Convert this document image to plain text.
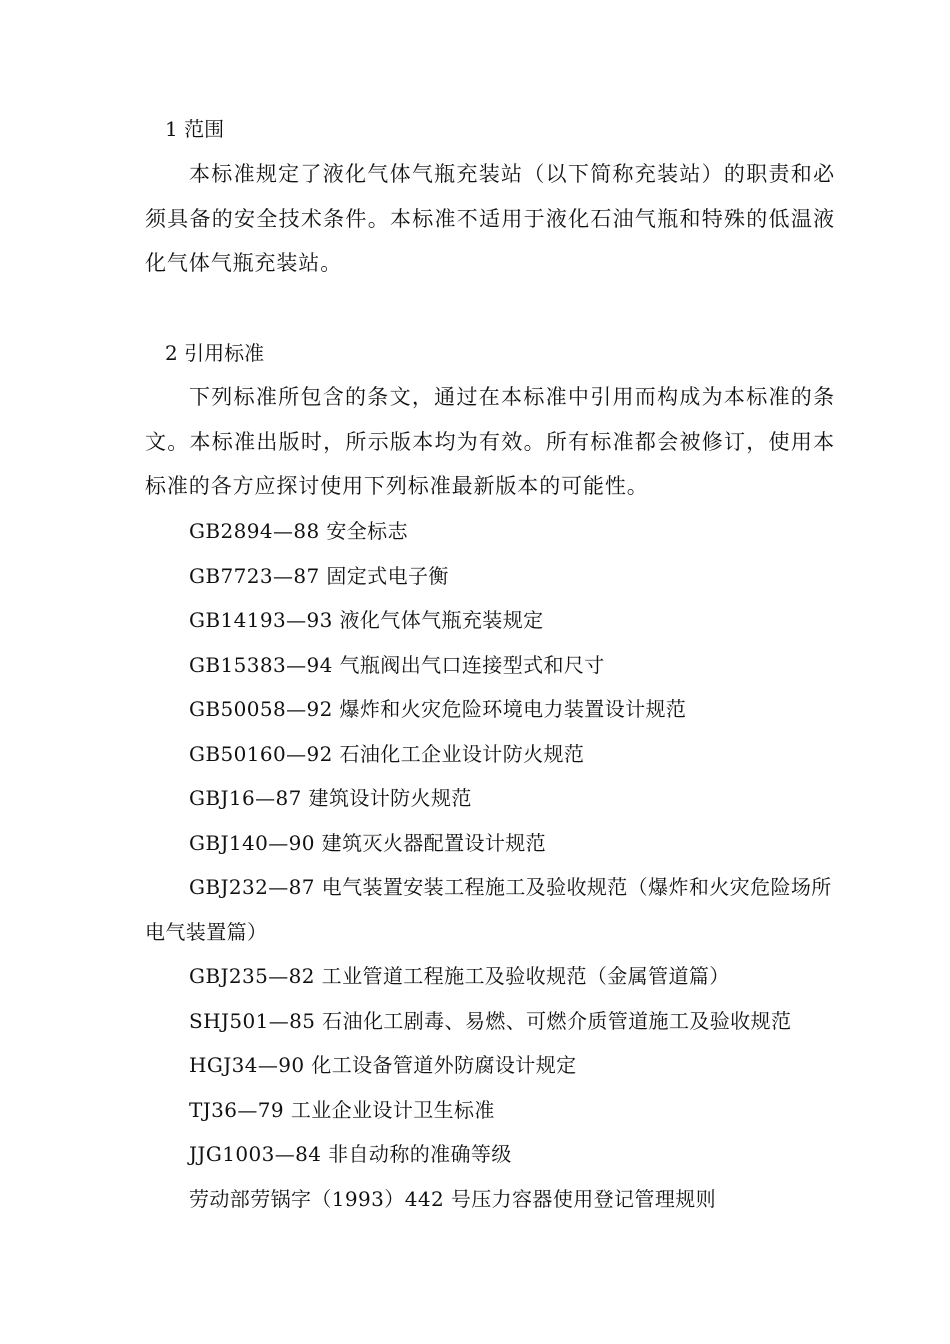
1 范围

本标准规定了液化气体气瓶充装站（以下简称充装站）的职责和必须具备的安全技术条件。本标准不适用于液化石油气瓶和特殊的低温液化气体气瓶充装站。

2 引用标准

下列标准所包含的条文，通过在本标准中引用而构成为本标准的条文。本标准出版时，所示版本均为有效。所有标准都会被修订，使用本标准的各方应探讨使用下列标准最新版本的可能性。

GB2894—88 安全标志
GB7723—87 固定式电子衡
GB14193—93 液化气体气瓶充装规定
GB15383—94 气瓶阀出气口连接型式和尺寸
GB50058—92 爆炸和火灾危险环境电力装置设计规范
GB50160—92 石油化工企业设计防火规范
GBJ16—87 建筑设计防火规范
GBJ140—90 建筑灭火器配置设计规范
GBJ232—87 电气装置安装工程施工及验收规范（爆炸和火灾危险场所电气装置篇）
GBJ235—82 工业管道工程施工及验收规范（金属管道篇）
SHJ501—85 石油化工剧毒、易燃、可燃介质管道施工及验收规范
HGJ34—90 化工设备管道外防腐设计规定
TJ36—79 工业企业设计卫生标准
JJG1003—84 非自动称的准确等级
劳动部劳锅字（1993）442 号压力容器使用登记管理规则
